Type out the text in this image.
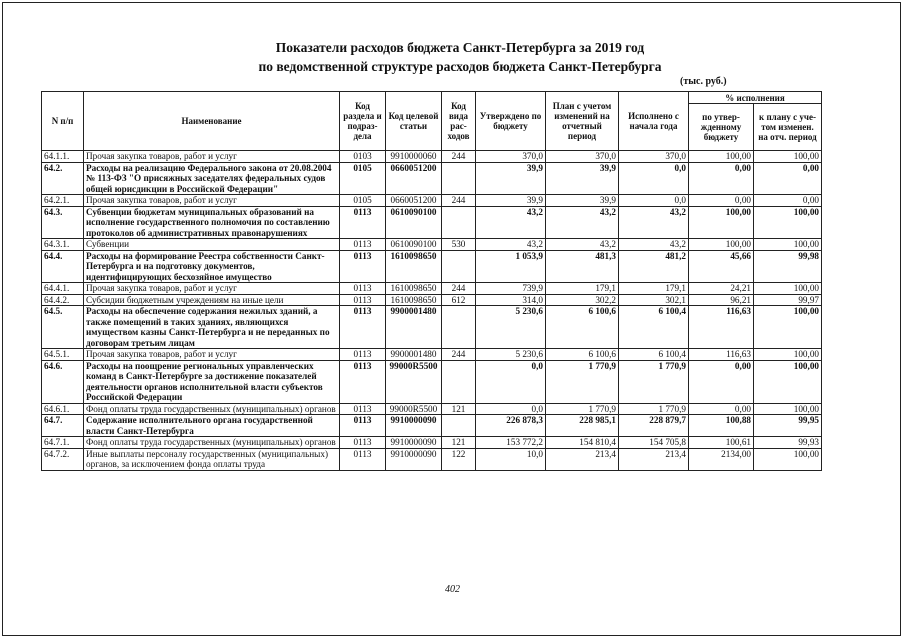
Показатели расходов бюджета Санкт-Петербурга за 2019 год
по ведомственной структуре расходов бюджета Санкт-Петербурга
(тыс. руб.)
N п/п	Наименование	Код раздела и подраз-дела	Код целевой статьи	Код вида рас-ходов	Утверждено по бюджету	План с учетом изменений на отчетный период	Исполнено с начала года	% исполнения	
								по утвер-жденному бюджету	к плану с уче-том изменен. на отч. период
64.1.1.	Прочая закупка товаров, работ и услуг	0103	9910000060	244	370,0	370,0	370,0	100,00	100,00
64.2.	Расходы на реализацию Федерального закона от 20.08.2004 № 113-ФЗ "О присяжных заседателях федеральных судов общей юрисдикции в Российской Федерации"	0105	0660051200		39,9	39,9	0,0	0,00	0,00
64.2.1.	Прочая закупка товаров, работ и услуг	0105	0660051200	244	39,9	39,9	0,0	0,00	0,00
64.3.	Субвенции бюджетам муниципальных образований на исполнение государственного полномочия по составлению протоколов об административных правонарушениях	0113	0610090100		43,2	43,2	43,2	100,00	100,00
64.3.1.	Субвенции	0113	0610090100	530	43,2	43,2	43,2	100,00	100,00
64.4.	Расходы на формирование Реестра собственности Санкт-Петербурга и на подготовку документов, идентифицирующих бесхозяйное имущество	0113	1610098650		1 053,9	481,3	481,2	45,66	99,98
64.4.1.	Прочая закупка товаров, работ и услуг	0113	1610098650	244	739,9	179,1	179,1	24,21	100,00
64.4.2.	Субсидии бюджетным учреждениям на иные цели	0113	1610098650	612	314,0	302,2	302,1	96,21	99,97
64.5.	Расходы на обеспечение содержания нежилых зданий, а также помещений в таких зданиях, являющихся имуществом казны Санкт-Петербурга и не переданных по договорам третьим лицам	0113	9900001480		5 230,6	6 100,6	6 100,4	116,63	100,00
64.5.1.	Прочая закупка товаров, работ и услуг	0113	9900001480	244	5 230,6	6 100,6	6 100,4	116,63	100,00
64.6.	Расходы на поощрение региональных управленческих команд в Санкт-Петербурге за достижение показателей деятельности органов исполнительной власти субъектов Российской Федерации	0113	99000R5500		0,0	1 770,9	1 770,9	0,00	100,00
64.6.1.	Фонд оплаты труда государственных (муниципальных) органов	0113	99000R5500	121	0,0	1 770,9	1 770,9	0,00	100,00
64.7.	Содержание исполнительного органа государственной власти Санкт-Петербурга	0113	9910000090		226 878,3	228 985,1	228 879,7	100,88	99,95
64.7.1.	Фонд оплаты труда государственных (муниципальных) органов	0113	9910000090	121	153 772,2	154 810,4	154 705,8	100,61	99,93
64.7.2.	Иные выплаты персоналу государственных (муниципальных) органов, за исключением фонда оплаты труда	0113	9910000090	122	10,0	213,4	213,4	2134,00	100,00
402
